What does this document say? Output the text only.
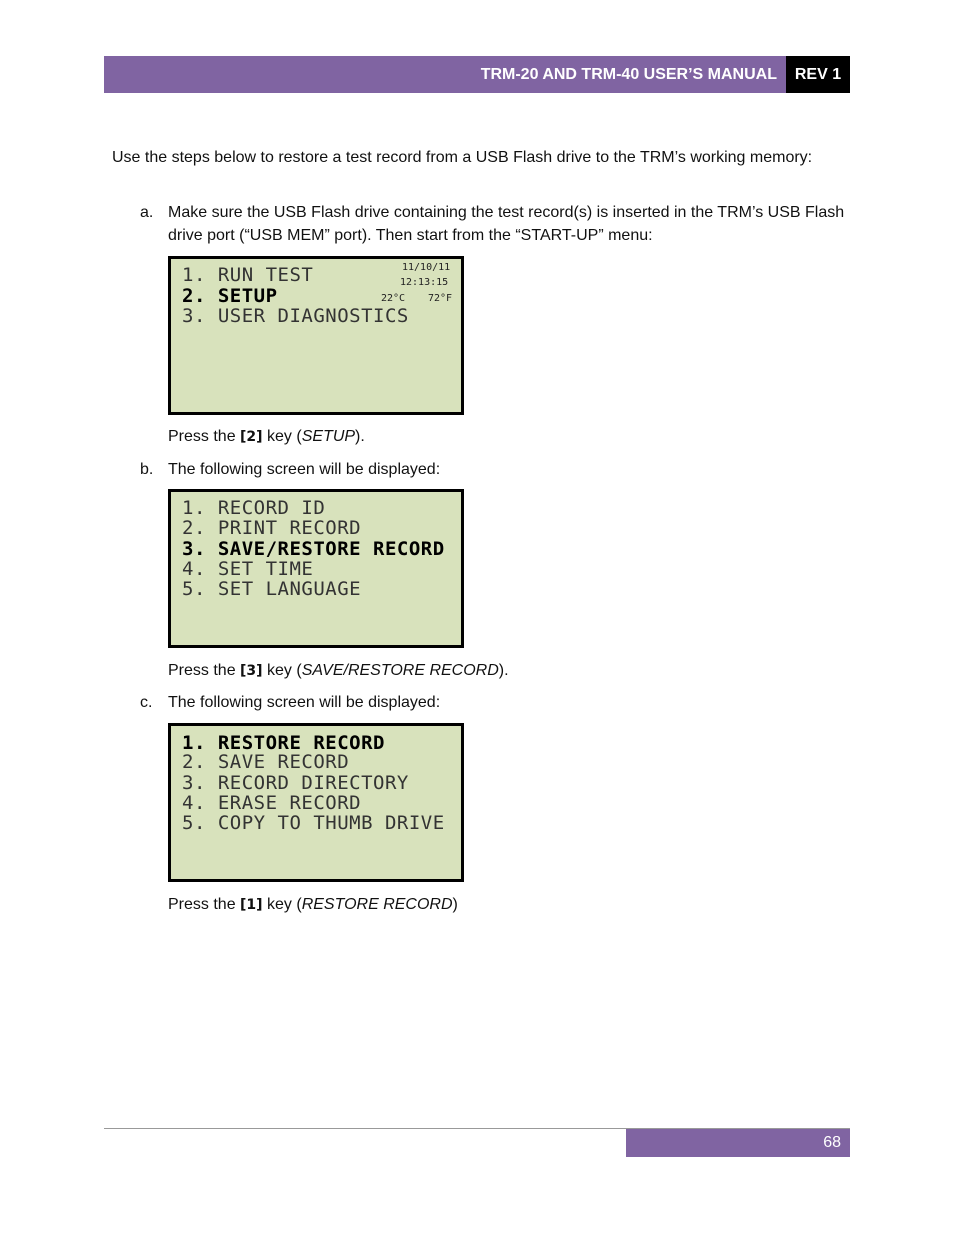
TRM-20 AND TRM-40 USER’S MANUAL	REV 1
Use the steps below to restore a test record from a USB Flash drive to the TRM’s working memory:
a. Make sure the USB Flash drive containing the test record(s) is inserted in the TRM’s USB Flash drive port (“USB MEM” port). Then start from the “START-UP” menu:
1. RUN TEST
2. SETUP
3. USER DIAGNOSTICS
11/10/11
12:13:15
22°C 72°F
Press the [2] key (SETUP).
b. The following screen will be displayed:
1. RECORD ID
2. PRINT RECORD
3. SAVE/RESTORE RECORD
4. SET TIME
5. SET LANGUAGE
Press the [3] key (SAVE/RESTORE RECORD).
c. The following screen will be displayed:
1. RESTORE RECORD
2. SAVE RECORD
3. RECORD DIRECTORY
4. ERASE RECORD
5. COPY TO THUMB DRIVE
Press the [1] key (RESTORE RECORD)
68
